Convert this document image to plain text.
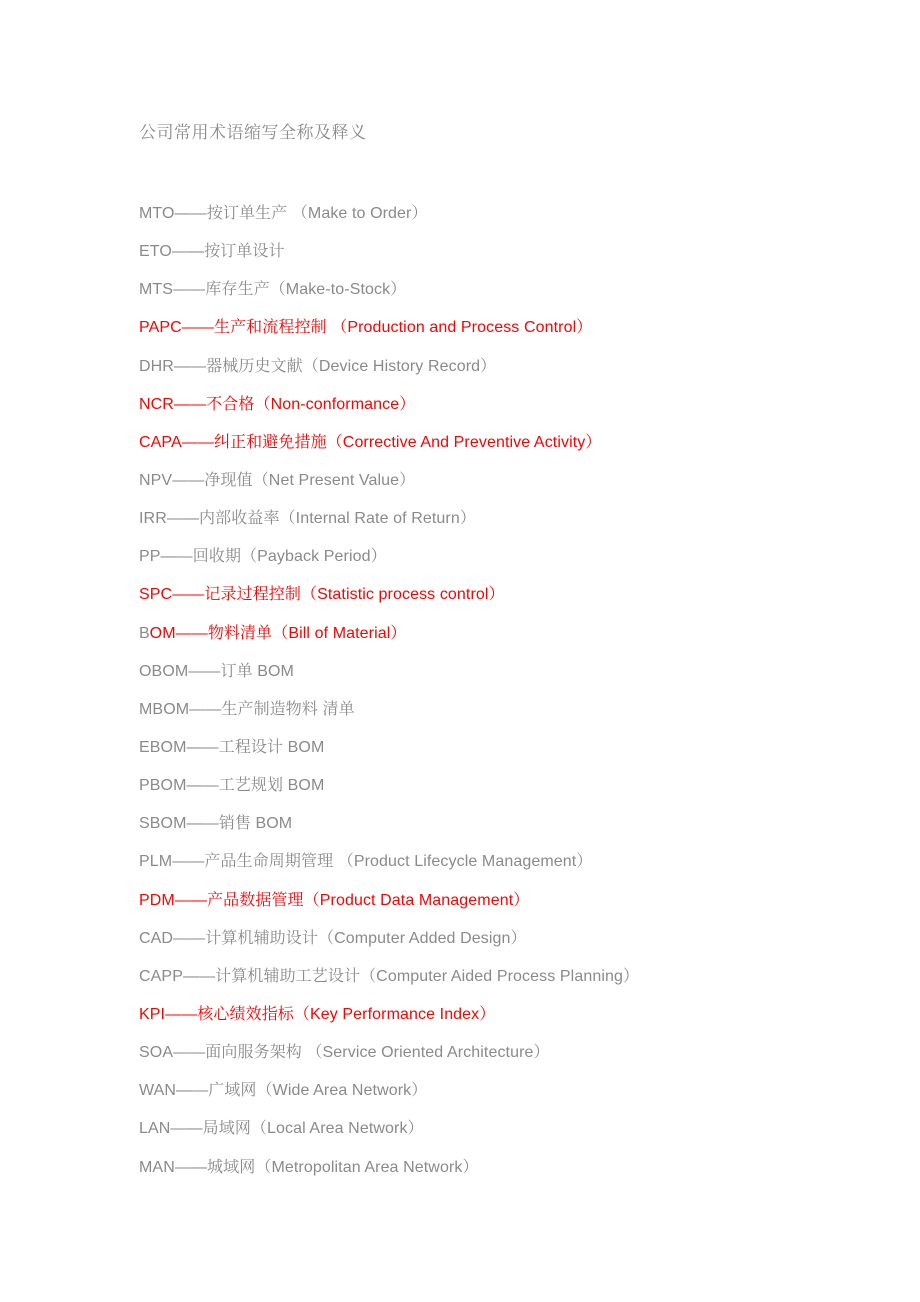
公司常用术语缩写全称及释义
MTO——按订单生产 （Make to Order）
ETO——按订单设计
MTS——库存生产（Make-to-Stock）
PAPC——生产和流程控制 （Production and Process Control）
DHR——器械历史文献（Device History Record）
NCR——不合格（Non-conformance）
CAPA——纠正和避免措施（Corrective And Preventive Activity）
NPV——净现值（Net Present Value）
IRR——内部收益率（Internal Rate of Return）
PP——回收期（Payback Period）
SPC——记录过程控制（Statistic process control）
BOM——物料清单（Bill of Material）
OBOM——订单 BOM
MBOM——生产制造物料 清单
EBOM——工程设计 BOM
PBOM——工艺规划 BOM
SBOM——销售 BOM
PLM——产品生命周期管理 （Product Lifecycle Management）
PDM——产品数据管理（Product Data Management）
CAD——计算机辅助设计（Computer Added Design）
CAPP——计算机辅助工艺设计（Computer Aided Process Planning）
KPI——核心绩效指标（Key Performance Index）
SOA——面向服务架构 （Service Oriented Architecture）
WAN——广域网（Wide Area Network）
LAN——局域网（Local Area Network）
MAN——城域网（Metropolitan Area Network）
